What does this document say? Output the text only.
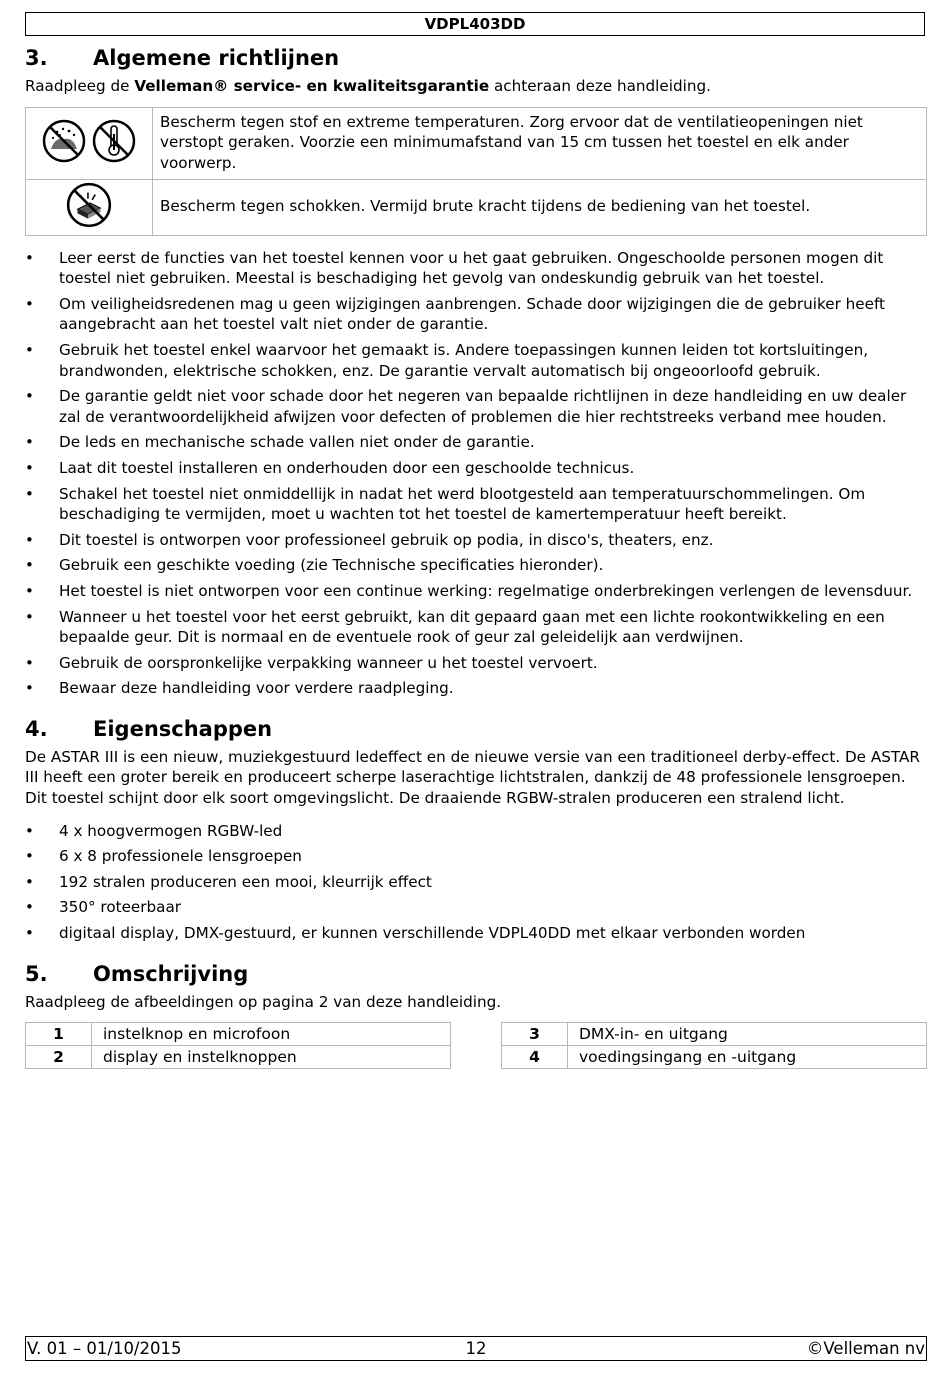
VDPL403DD
3.	Algemene richtlijnen

Raadpleeg de Velleman® service- en kwaliteitsgarantie achteraan deze handleiding.

	Bescherm tegen stof en extreme temperaturen. Zorg ervoor dat de ventilatieopeningen niet verstopt geraken. Voorzie een minimumafstand van 15 cm tussen het toestel en elk ander voorwerp.
	Bescherm tegen schokken. Vermijd brute kracht tijdens de bediening van het toestel.
• Leer eerst de functies van het toestel kennen voor u het gaat gebruiken. Ongeschoolde personen mogen dit toestel niet gebruiken. Meestal is beschadiging het gevolg van ondeskundig gebruik van het toestel.
• Om veiligheidsredenen mag u geen wijzigingen aanbrengen. Schade door wijzigingen die de gebruiker heeft aangebracht aan het toestel valt niet onder de garantie.
• Gebruik het toestel enkel waarvoor het gemaakt is. Andere toepassingen kunnen leiden tot kortsluitingen, brandwonden, elektrische schokken, enz. De garantie vervalt automatisch bij ongeoorloofd gebruik.
• De garantie geldt niet voor schade door het negeren van bepaalde richtlijnen in deze handleiding en uw dealer zal de verantwoordelijkheid afwijzen voor defecten of problemen die hier rechtstreeks verband mee houden.
• De leds en mechanische schade vallen niet onder de garantie.
• Laat dit toestel installeren en onderhouden door een geschoolde technicus.
• Schakel het toestel niet onmiddellijk in nadat het werd blootgesteld aan temperatuurschommelingen. Om beschadiging te vermijden, moet u wachten tot het toestel de kamertemperatuur heeft bereikt.
• Dit toestel is ontworpen voor professioneel gebruik op podia, in disco's, theaters, enz.
• Gebruik een geschikte voeding (zie Technische specificaties hieronder).
• Het toestel is niet ontworpen voor een continue werking: regelmatige onderbrekingen verlengen de levensduur.
• Wanneer u het toestel voor het eerst gebruikt, kan dit gepaard gaan met een lichte rookontwikkeling en een bepaalde geur. Dit is normaal en de eventuele rook of geur zal geleidelijk aan verdwijnen.
• Gebruik de oorspronkelijke verpakking wanneer u het toestel vervoert.
• Bewaar deze handleiding voor verdere raadpleging.
4.	Eigenschappen

De ASTAR III is een nieuw, muziekgestuurd ledeffect en de nieuwe versie van een traditioneel derby-effect. De ASTAR III heeft een groter bereik en produceert scherpe laserachtige lichtstralen, dankzij de 48 professionele lensgroepen. Dit toestel schijnt door elk soort omgevingslicht. De draaiende RGBW-stralen produceren een stralend licht.

• 4 x hoogvermogen RGBW-led
• 6 x 8 professionele lensgroepen
• 192 stralen produceren een mooi, kleurrijk effect
• 350° roteerbaar
• digitaal display, DMX-gestuurd, er kunnen verschillende VDPL40DD met elkaar verbonden worden
5.	Omschrijving

Raadpleeg de afbeeldingen op pagina 2 van deze handleiding.

1	instelknop en microfoon
2	display en instelknoppen
3	DMX-in- en uitgang
4	voedingsingang en -uitgang
V. 01 – 01/10/2015	12	©Velleman nv
